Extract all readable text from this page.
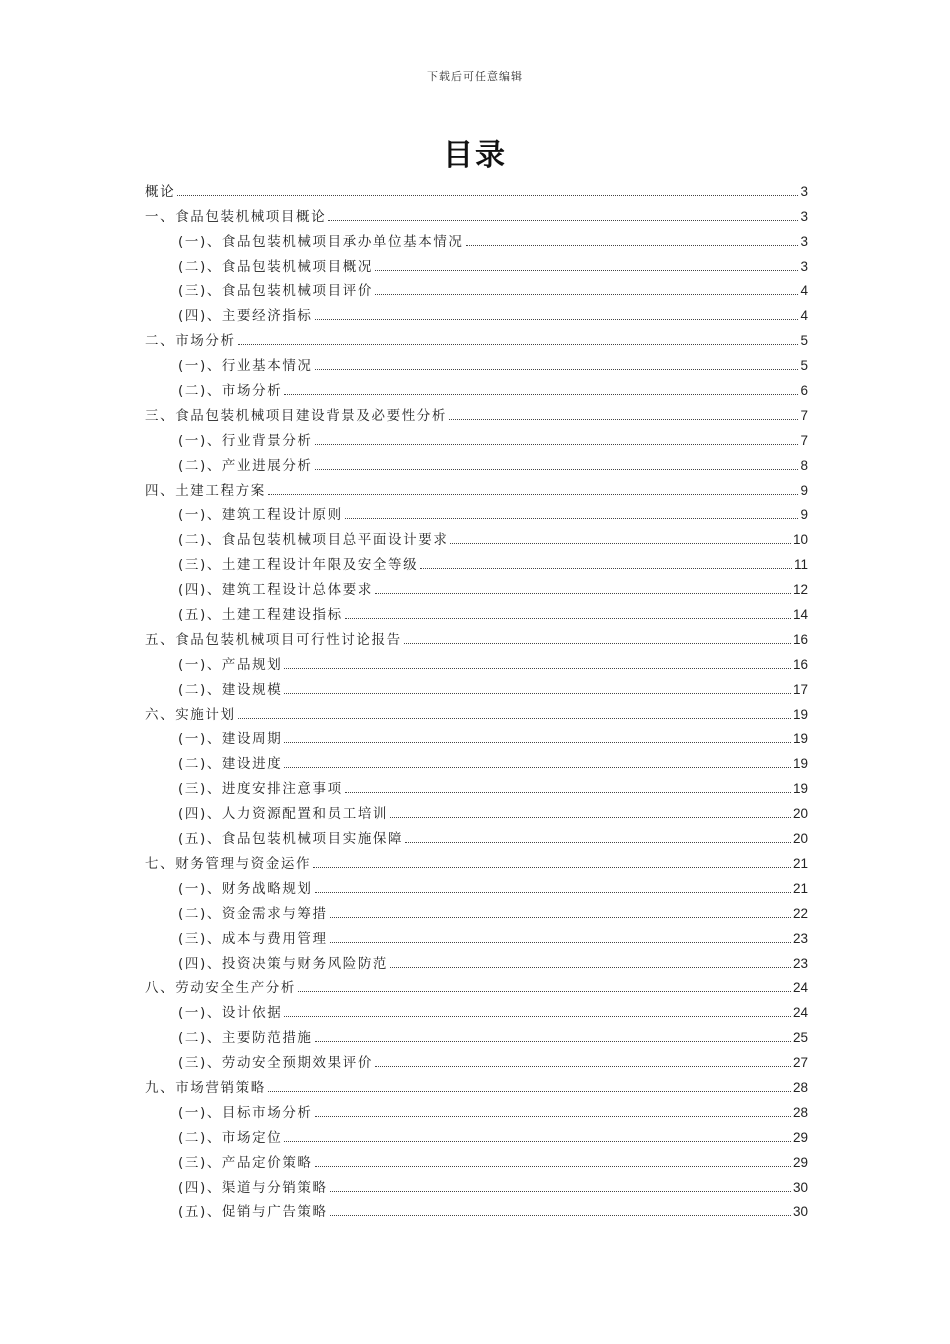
下载后可任意编辑
目录
概论	3
一、食品包装机械项目概论	3
(一)、食品包装机械项目承办单位基本情况	3
(二)、食品包装机械项目概况	3
(三)、食品包装机械项目评价	4
(四)、主要经济指标	4
二、市场分析	5
(一)、行业基本情况	5
(二)、市场分析	6
三、食品包装机械项目建设背景及必要性分析	7
(一)、行业背景分析	7
(二)、产业进展分析	8
四、土建工程方案	9
(一)、建筑工程设计原则	9
(二)、食品包装机械项目总平面设计要求	10
(三)、土建工程设计年限及安全等级	11
(四)、建筑工程设计总体要求	12
(五)、土建工程建设指标	14
五、食品包装机械项目可行性讨论报告	16
(一)、产品规划	16
(二)、建设规模	17
六、实施计划	19
(一)、建设周期	19
(二)、建设进度	19
(三)、进度安排注意事项	19
(四)、人力资源配置和员工培训	20
(五)、食品包装机械项目实施保障	20
七、财务管理与资金运作	21
(一)、财务战略规划	21
(二)、资金需求与筹措	22
(三)、成本与费用管理	23
(四)、投资决策与财务风险防范	23
八、劳动安全生产分析	24
(一)、设计依据	24
(二)、主要防范措施	25
(三)、劳动安全预期效果评价	27
九、市场营销策略	28
(一)、目标市场分析	28
(二)、市场定位	29
(三)、产品定价策略	29
(四)、渠道与分销策略	30
(五)、促销与广告策略	30
